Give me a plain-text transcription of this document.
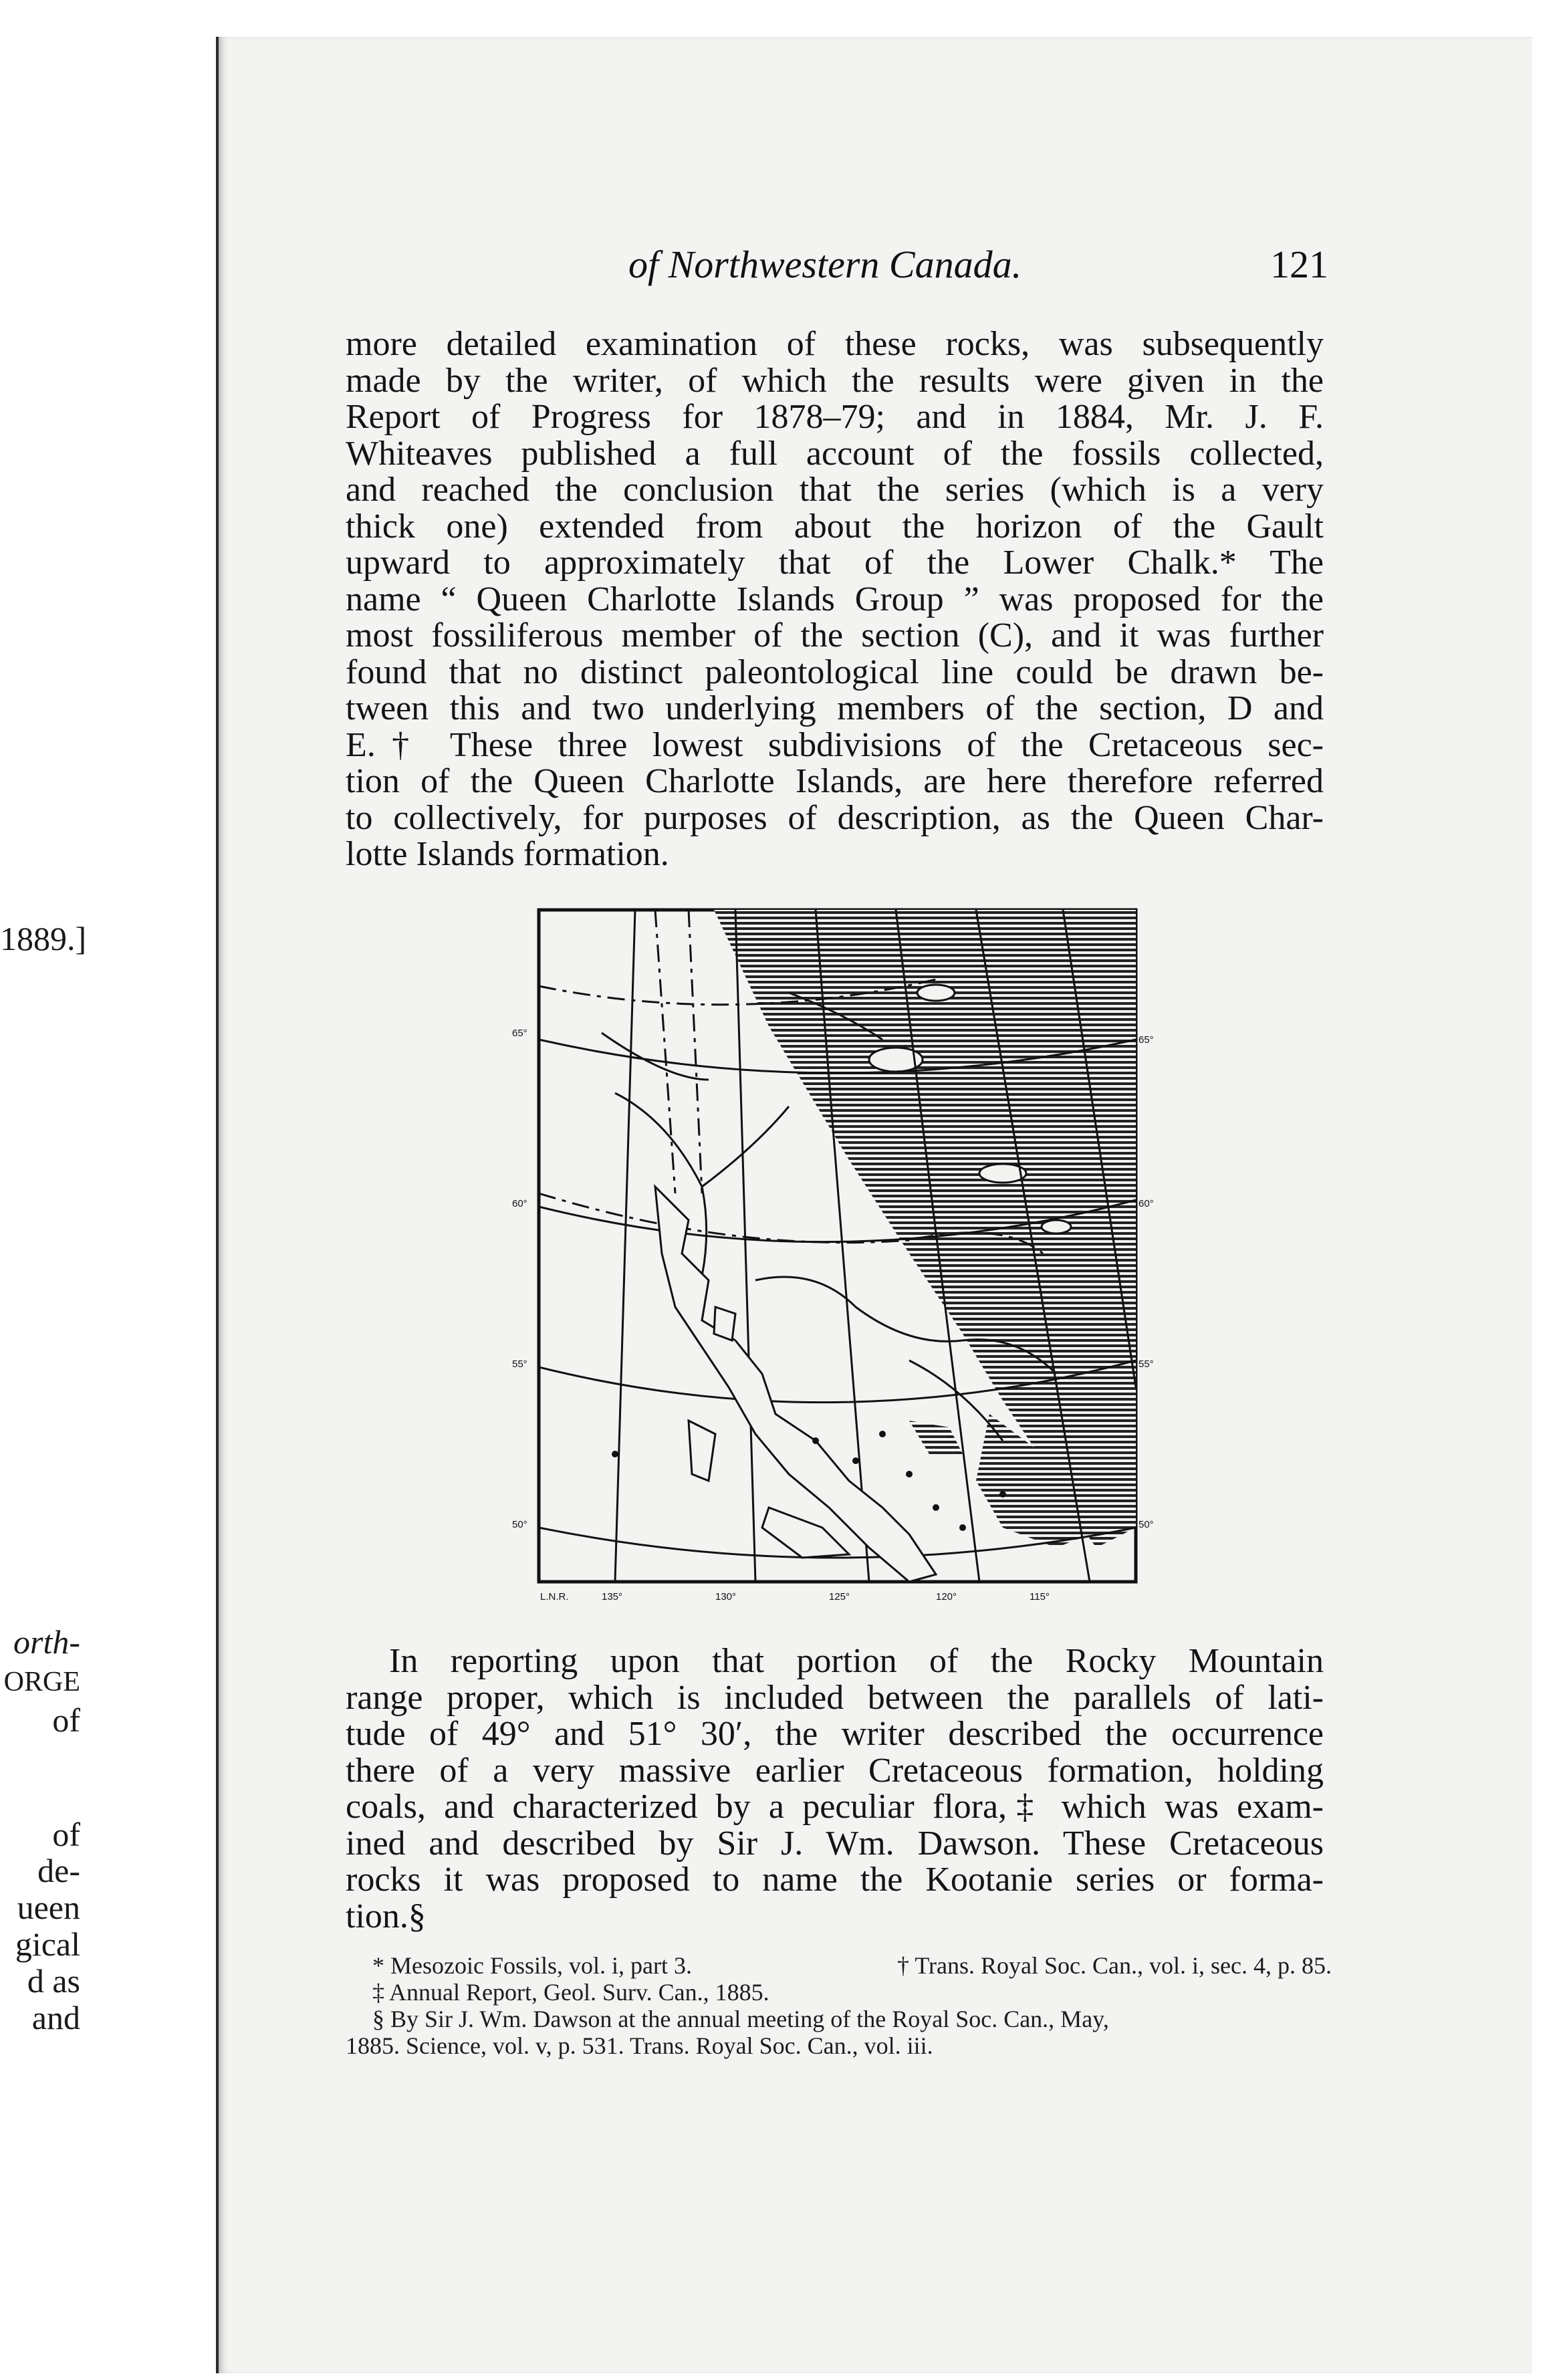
1889.]
orth-
ORGE
of
of
de-
ueen
gical
d as
and
of Northwestern Canada.	121
more detailed examination of these rocks, was subsequently
made by the writer, of which the results were given in the
Report of Progress for 1878–79; and in 1884, Mr. J. F.
Whiteaves published a full account of the fossils collected,
and reached the conclusion that the series (which is a very
thick one) extended from about the horizon of the Gault
upward to approximately that of the Lower Chalk.* The
name “ Queen Charlotte Islands Group ” was proposed for the
most fossiliferous member of the section (C), and it was further
found that no distinct paleontological line could be drawn be-
tween this and two underlying members of the section, D and
E.† These three lowest subdivisions of the Cretaceous sec-
tion of the Queen Charlotte Islands, are here therefore referred
to collectively, for purposes of description, as the Queen Char-
lotte Islands formation.
65°
60°
55°
50°
65°
60°
55°
50°
L.N.R.	135°	130°	125°	120°	115°
In reporting upon that portion of the Rocky Mountain
range proper, which is included between the parallels of lati-
tude of 49° and 51° 30′, the writer described the occurrence
there of a very massive earlier Cretaceous formation, holding
coals, and characterized by a peculiar flora,‡ which was exam-
ined and described by Sir J. Wm. Dawson. These Cretaceous
rocks it was proposed to name the Kootanie series or forma-
tion.§
* Mesozoic Fossils, vol. i, part 3.	† Trans. Royal Soc. Can., vol. i, sec. 4, p. 85.
‡ Annual Report, Geol. Surv. Can., 1885.
§ By Sir J. Wm. Dawson at the annual meeting of the Royal Soc. Can., May,
1885. Science, vol. v, p. 531. Trans. Royal Soc. Can., vol. iii.
